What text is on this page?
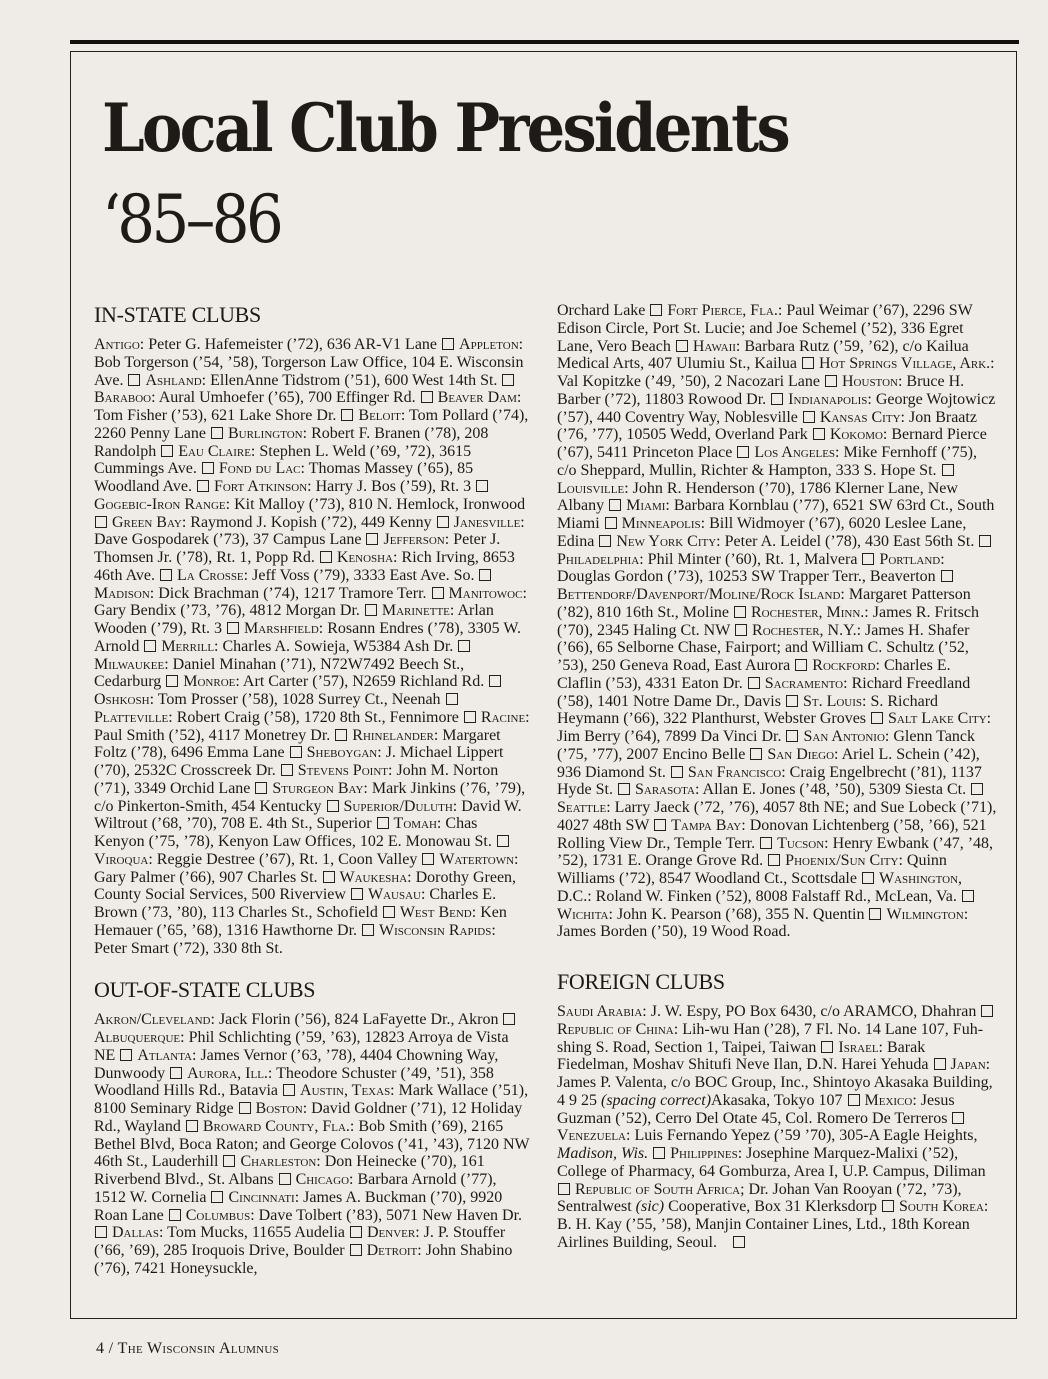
Local Club Presidents
‘85–86
IN-STATE CLUBS

Antigo: Peter G. Hafemeister (’72), 636 AR-V1 Lane Appleton: Bob Torgerson (’54, ’58), Torgerson Law Office, 104 E. Wisconsin Ave. Ashland: EllenAnne Tidstrom (’51), 600 West 14th St.  Baraboo: Aural Umhoefer (’65), 700 Effinger Rd. Beaver Dam: Tom Fisher (’53), 621 Lake Shore Dr. Beloit: Tom Pollard (’74), 2260 Penny Lane Burlington: Robert F. Branen (’78), 208 Randolph Eau Claire: Stephen L. Weld (’69, ’72), 3615 Cummings Ave. Fond du Lac: Thomas Massey (’65), 85 Woodland Ave. Fort Atkinson: Harry J. Bos (’59), Rt. 3  Gogebic-Iron Range: Kit Malloy (’73), 810 N. Hemlock, Ironwood  Green Bay: Raymond J. Kopish (’72), 449 Kenny Janesville: Dave Gospodarek (’73), 37 Campus Lane Jefferson: Peter J. Thomsen Jr. (’78), Rt. 1, Popp Rd. Kenosha: Rich Irving, 8653 46th Ave. La Crosse: Jeff Voss (’79), 3333 East Ave. So.  Madison: Dick Brachman (’74), 1217 Tramore Terr. Manitowoc: Gary Bendix (’73, ’76), 4812 Morgan Dr. Marinette: Arlan Wooden (’79), Rt. 3 Marshfield: Rosann Endres (’78), 3305 W. Arnold Merrill: Charles A. Sowieja, W5384 Ash Dr.  Milwaukee: Daniel Minahan (’71), N72W7492 Beech St., Cedarburg Monroe: Art Carter (’57), N2659 Richland Rd.  Oshkosh: Tom Prosser (’58), 1028 Surrey Ct., Neenah  Platteville: Robert Craig (’58), 1720 8th St., Fennimore Racine: Paul Smith (’52), 4117 Monetrey Dr. Rhinelander: Margaret Foltz (’78), 6496 Emma Lane Sheboygan: J. Michael Lippert (’70), 2532C Crosscreek Dr. Stevens Point: John M. Norton (’71), 3349 Orchid Lane Sturgeon Bay: Mark Jinkins (’76, ’79), c/o Pinkerton-Smith, 454 Kentucky Superior/Duluth: David W. Wiltrout (’68, ’70), 708 E. 4th St., Superior Tomah: Chas Kenyon (’75, ’78), Kenyon Law Offices, 102 E. Monowau St.  Viroqua: Reggie Destree (’67), Rt. 1, Coon Valley Watertown: Gary Palmer (’66), 907 Charles St. Waukesha: Dorothy Green, County Social Services, 500 Riverview Wausau: Charles E. Brown (’73, ’80), 113 Charles St., Schofield West Bend: Ken Hemauer (’65, ’68), 1316 Hawthorne Dr. Wisconsin Rapids: Peter Smart (’72), 330 8th St.

OUT-OF-STATE CLUBS

Akron/Cleveland: Jack Florin (’56), 824 LaFayette Dr., Akron  Albuquerque: Phil Schlichting (’59, ’63), 12823 Arroya de Vista NE Atlanta: James Vernor (’63, ’78), 4404 Chowning Way, Dunwoody Aurora, Ill.: Theodore Schuster (’49, ’51), 358 Woodland Hills Rd., Batavia Austin, Texas: Mark Wallace (’51), 8100 Seminary Ridge Boston: David Goldner (’71), 12 Holiday Rd., Wayland Broward County, Fla.: Bob Smith (’69), 2165 Bethel Blvd, Boca Raton; and George Colovos (’41, ’43), 7120 NW 46th St., Lauderhill Charleston: Don Heinecke (’70), 161 Riverbend Blvd., St. Albans Chicago: Barbara Arnold (’77), 1512 W. Cornelia Cincinnati: James A. Buckman (’70), 9920 Roan Lane Columbus: Dave Tolbert (’83), 5071 New Haven Dr.  Dallas: Tom Mucks, 11655 Audelia Denver: J. P. Stouffer (’66, ’69), 285 Iroquois Drive, Boulder Detroit: John Shabino (’76), 7421 Honeysuckle,

Orchard Lake Fort Pierce, Fla.: Paul Weimar (’67), 2296 SW Edison Circle, Port St. Lucie; and Joe Schemel (’52), 336 Egret Lane, Vero Beach Hawaii: Barbara Rutz (’59, ’62), c/o Kailua Medical Arts, 407 Ulumiu St., Kailua Hot Springs Village, Ark.: Val Kopitzke (’49, ’50), 2 Nacozari Lane Houston: Bruce H. Barber (’72), 11803 Rowood Dr. Indianapolis: George Wojtowicz (’57), 440 Coventry Way, Noblesville Kansas City: Jon Braatz (’76, ’77), 10505 Wedd, Overland Park Kokomo: Bernard Pierce (’67), 5411 Princeton Place Los Angeles: Mike Fernhoff (’75), c/o Sheppard, Mullin, Richter & Hampton, 333 S. Hope St.  Louisville: John R. Henderson (’70), 1786 Klerner Lane, New Albany Miami: Barbara Kornblau (’77), 6521 SW 63rd Ct., South Miami Minneapolis: Bill Widmoyer (’67), 6020 Leslee Lane, Edina New York City: Peter A. Leidel (’78), 430 East 56th St.  Philadelphia: Phil Minter (’60), Rt. 1, Malvera Portland: Douglas Gordon (’73), 10253 SW Trapper Terr., Beaverton  Bettendorf/Davenport/Moline/Rock Island: Margaret Patterson (’82), 810 16th St., Moline Rochester, Minn.: James R. Fritsch (’70), 2345 Haling Ct. NW Rochester, N.Y.: James H. Shafer (’66), 65 Selborne Chase, Fairport; and William C. Schultz (’52, ’53), 250 Geneva Road, East Aurora Rockford: Charles E. Claflin (’53), 4331 Eaton Dr. Sacramento: Richard Freedland (’58), 1401 Notre Dame Dr., Davis St. Louis: S. Richard Heymann (’66), 322 Planthurst, Webster Groves Salt Lake City: Jim Berry (’64), 7899 Da Vinci Dr. San Antonio: Glenn Tanck (’75, ’77), 2007 Encino Belle San Diego: Ariel L. Schein (’42), 936 Diamond St. San Francisco: Craig Engelbrecht (’81), 1137 Hyde St. Sarasota: Allan E. Jones (’48, ’50), 5309 Siesta Ct.  Seattle: Larry Jaeck (’72, ’76), 4057 8th NE; and Sue Lobeck (’71), 4027 48th SW Tampa Bay: Donovan Lichtenberg (’58, ’66), 521 Rolling View Dr., Temple Terr. Tucson: Henry Ewbank (’47, ’48, ’52), 1731 E. Orange Grove Rd. Phoenix/Sun City: Quinn Williams (’72), 8547 Woodland Ct., Scottsdale Washington, D.C.: Roland W. Finken (’52), 8008 Falstaff Rd., McLean, Va.  Wichita: John K. Pearson (’68), 355 N. Quentin Wilmington: James Borden (’50), 19 Wood Road.

FOREIGN CLUBS

Saudi Arabia: J. W. Espy, PO Box 6430, c/o ARAMCO, Dhahran  Republic of China: Lih-wu Han (’28), 7 Fl. No. 14 Lane 107, Fuh-shing S. Road, Section 1, Taipei, Taiwan Israel: Barak Fiedelman, Moshav Shitufi Neve Ilan, D.N. Harei Yehuda Japan: James P. Valenta, c/o BOC Group, Inc., Shintoyo Akasaka Building, 4 9 25 (spacing correct)Akasaka, Tokyo 107 Mexico: Jesus Guzman (’52), Cerro Del Otate 45, Col. Romero De Terreros  Venezuela: Luis Fernando Yepez (’59 ’70), 305-A Eagle Heights, Madison, Wis. Philippines: Josephine Marquez-Malixi (’52), College of Pharmacy, 64 Gomburza, Area I, U.P. Campus, Diliman  Republic of South Africa; Dr. Johan Van Rooyan (’72, ’73), Sentralwest (sic) Cooperative, Box 31 Klerksdorp South Korea: B. H. Kay (’55, ’58), Manjin Container Lines, Ltd., 18th Korean Airlines Building, Seoul.

4 / The Wisconsin Alumnus
